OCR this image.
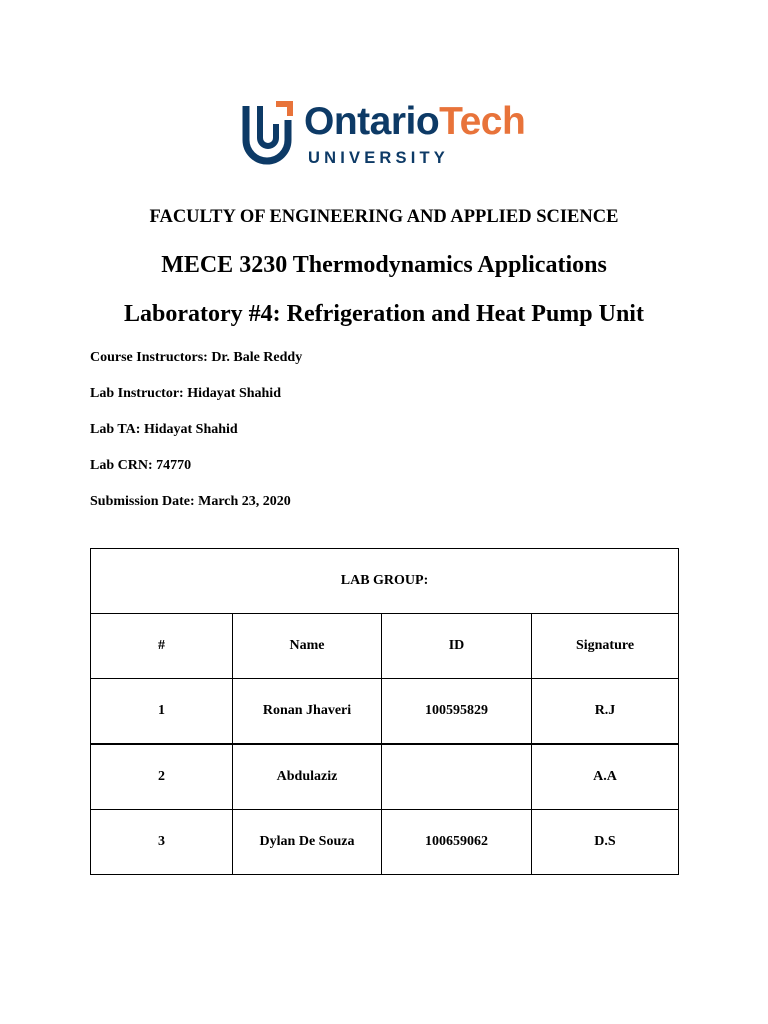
OntarioTech
UNIVERSITY
FACULTY OF ENGINEERING AND APPLIED SCIENCE
MECE 3230 Thermodynamics Applications
Laboratory #4: Refrigeration and Heat Pump Unit
Course Instructors: Dr. Bale Reddy
Lab Instructor: Hidayat Shahid
Lab TA: Hidayat Shahid
Lab CRN: 74770
Submission Date: March 23, 2020
LAB GROUP:			
#	Name	ID	Signature
1	Ronan Jhaveri	100595829	R.J
2	Abdulaziz		A.A
3	Dylan De Souza	100659062	D.S
